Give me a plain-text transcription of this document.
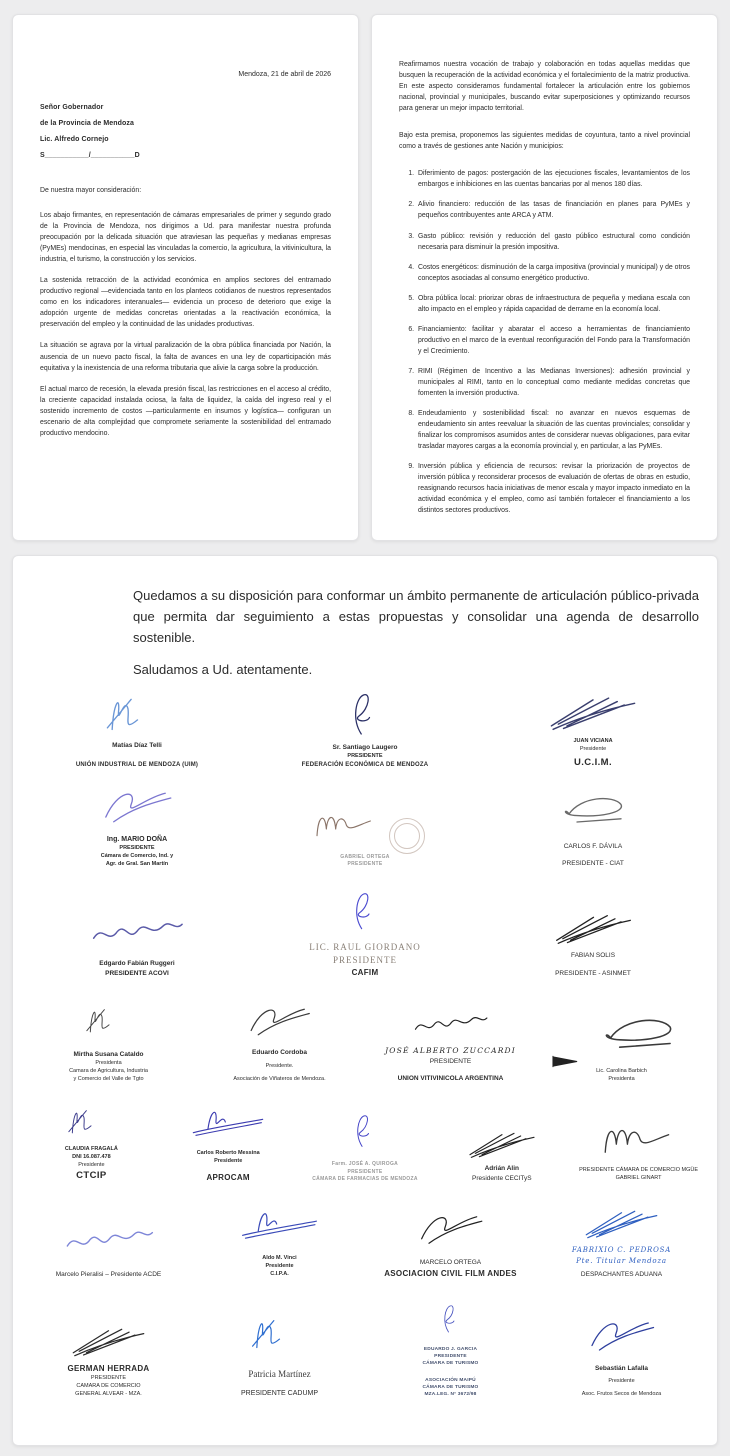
Mendoza, 21 de abril de 2026
Señor Gobernador
de la Provincia de Mendoza
Lic. Alfredo Cornejo
S___________/___________D
De nuestra mayor consideración:

Los abajo firmantes, en representación de cámaras empresariales de primer y segundo grado de la Provincia de Mendoza, nos dirigimos a Ud. para manifestar nuestra profunda preocupación por la delicada situación que atraviesan las pequeñas y medianas empresas (PyMEs) mendocinas, en especial las vinculadas la comercio, la agricultura, la vitivinicultura, la industria, el turismo, la construcción y los servicios.

La sostenida retracción de la actividad económica en amplios sectores del entramado productivo regional —evidenciada tanto en los planteos cotidianos de nuestros representados como en los indicadores interanuales— evidencia un proceso de deterioro que exige la adopción urgente de medidas concretas orientadas a la reactivación económica, la preservación del empleo y la continuidad de las unidades productivas.

La situación se agrava por la virtual paralización de la obra pública financiada por Nación, la ausencia de un nuevo pacto fiscal, la falta de avances en una ley de coparticipación más equitativa y la inexistencia de una reforma tributaria que alivie la carga sobre la producción.

El actual marco de recesión, la elevada presión fiscal, las restricciones en el acceso al crédito, la creciente capacidad instalada ociosa, la falta de liquidez, la caída del ingreso real y el sostenido incremento de costos —particularmente en insumos y logística— configuran un escenario de alta complejidad que compromete seriamente la sostenibilidad del entramado productivo mendocino.

Reafirmamos nuestra vocación de trabajo y colaboración en todas aquellas medidas que busquen la recuperación de la actividad económica y el fortalecimiento de la matriz productiva. En este aspecto consideramos fundamental fortalecer la articulación entre los gobiernos nacional, provincial y municipales, buscando evitar superposiciones y optimizando recursos para generar un mejor impacto territorial.

Bajo esta premisa, proponemos las siguientes medidas de coyuntura, tanto a nivel provincial como a través de gestiones ante Nación y municipios:

1. Diferimiento de pagos: postergación de las ejecuciones fiscales, levantamientos de los embargos e inhibiciones en las cuentas bancarias por al menos 180 días.
2. Alivio financiero: reducción de las tasas de financiación en planes para PyMEs y pequeños contribuyentes ante ARCA y ATM.
3. Gasto público: revisión y reducción del gasto público estructural como condición necesaria para disminuir la presión impositiva.
4. Costos energéticos: disminución de la carga impositiva (provincial y municipal) y de otros conceptos asociadas al consumo energético productivo.
5. Obra pública local: priorizar obras de infraestructura de pequeña y mediana escala con alto impacto en el empleo y rápida capacidad de derrame en la economía local.
6. Financiamiento: facilitar y abaratar el acceso a herramientas de financiamiento productivo en el marco de la eventual reconfiguración del Fondo para la Transformación y el Crecimiento.
7. RIMI (Régimen de Incentivo a las Medianas Inversiones): adhesión provincial y municipales al RIMI, tanto en lo conceptual como mediante medidas concretas que fomenten la inversión productiva.
8. Endeudamiento y sostenibilidad fiscal: no avanzar en nuevos esquemas de endeudamiento sin antes reevaluar la situación de las cuentas provinciales; consolidar y finalizar los compromisos asumidos antes de considerar nuevas obligaciones, para evitar trasladar mayores cargas a la economía provincial y, en particular, a las PyMEs.
9. Inversión pública y eficiencia de recursos: revisar la priorización de proyectos de inversión pública y reconsiderar procesos de evaluación de ofertas de obras en estudio, reasignando recursos hacia iniciativas de menor escala y mayor impacto inmediato en la actividad económica y el empleo, como así también fortalecer el financiamiento a los distintos sectores productivos.

Quedamos a su disposición para conformar un ámbito permanente de articulación público-privada que permita dar seguimiento a estas propuestas y consolidar una agenda de desarrollo sostenible.

Saludamos a Ud. atentamente.

Matías Díaz Telli
UNIÓN INDUSTRIAL DE MENDOZA (UIM)
Sr. Santiago Laugero
PRESIDENTE
FEDERACIÓN ECONÓMICA DE MENDOZA
JUAN VICIANA
Presidente
U.C.I.M.
Ing. MARIO DOÑA
PRESIDENTE
Cámara de Comercio, Ind. y
Agr. de Gral. San Martín
GABRIEL ORTEGA
PRESIDENTE
CARLOS F. DÁVILA
PRESIDENTE - CIAT
Edgardo Fabián Ruggeri
PRESIDENTE ACOVI
LIC. RAUL GIORDANO
PRESIDENTE
CAFIM
FABIAN SOLIS
PRESIDENTE - ASINMET
Mirtha Susana Cataldo
Presidenta
Camara de Agricultura, Industria
y Comercio del Valle de Tgto
Eduardo Cordoba
Presidente.
Asociación de Viñateros de Mendoza.
JOSÉ ALBERTO ZUCCARDI
PRESIDENTE
UNION VITIVINICOLA ARGENTINA
Lic. Carolina Barbich
Presidenta
CLAUDIA FRAGALÁ
DNI 16.087.478
Presidente
CTCIP
Carlos Roberto Messina
Presidente
APROCAM
Farm. JOSÉ A. QUIROGA
PRESIDENTE
CÁMARA DE FARMACIAS DE MENDOZA
Adrián Alin
Presidente CECITyS
PRESIDENTE CÁMARA DE COMERCIO MGÜE
GABRIEL GINART
Marcelo Pieralisi – Presidente ACDE
Aldo M. Vinci
Presidente
C.I.P.A.
MARCELO ORTEGA
ASOCIACION CIVIL FILM ANDES
FABRIXIO C. PEDROSA
Pte. Titular Mendoza
DESPACHANTES ADUANA
GERMAN HERRADA
PRESIDENTE
CAMARA DE COMERCIO
GENERAL ALVEAR - MZA.
Patricia Martínez
PRESIDENTE CADUMP
EDUARDO J. GARCIA
PRESIDENTE
CÁMARA DE TURISMO
ASOCIACIÓN MAIPÚ
CÁMARA DE TURISMO
MZA.LEG. N° 3672/98
Sebastián Lafalla
Presidente
Asoc. Frutos Secos de Mendoza
